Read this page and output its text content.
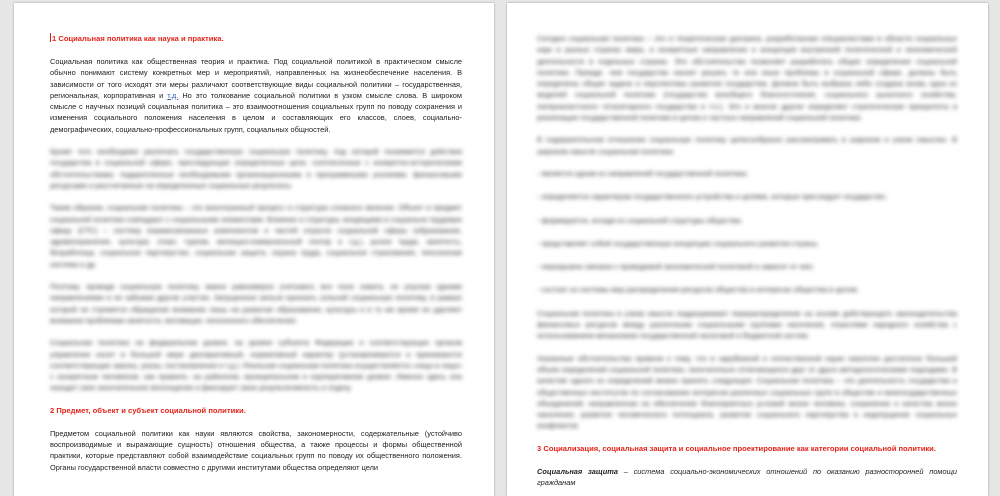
1 Социальная политика как наука и практика.

Социальная политика как общественная теория и практика. Под социальной политикой в практическом смысле обычно понимают систему конкретных мер и мероприятий, направленных на жизнеобеспечение населения. В зависимости от того исходят эти меры различают соответствующие виды социальной политики – государственная, региональная, корпоративная и т.д. Но это толкование социальной политики в узком смысле слова. В широком смысле с научных позиций социальная политика – это взаимоотношения социальных групп по поводу сохранения и изменения социального положения населения в целом и составляющих его классов, слоев, социально-демографических, социально-профессиональных групп, социальных общностей.

Кроме того необходимо различать государственную социальную политику, под которой понимается действия государства в социальной сфере, преследующие определенные цели, соотнесенные с конкретно-историческими обстоятельствами, подкрепленные необходимыми организационными и программными усилиями, финансовыми ресурсами и рассчитанные на определенные социальные результаты.

Таким образом, социальная политика – это многогранный процесс и структура сложного явления. Объект и предмет социальной политики совпадают с социальными элементами. Влияние и структура, входящими в социально-трудовую сферу (СТС) – систему взаимосвязанных компонентов и частей отрасли социальной сферы (образование, здравоохранение, культура, спорт, туризм, жилищно-коммунальный сектор и т.д.), рынок труда, занятость, безработица, социальное партнерство, социальная защита, охрана труда, социальное страхование, пенсионная система и др.

Поэтому, проводя социальную политику, важно равномерно учитывать все поле охвата, не упуская одними направлениями и не забывая другие участки. Запущенное нельзя признать сильной социальную политику, в рамках которой не стремятся обращение внимание лишь на развитие образования, культуры и в то же время не уделяют внимания проблемам занятости, мотивации, пенсионного обеспечения.

Социальная политика на федеральном уровне, на уровне субъекта Федерации и соответствующих органов управления носит в большей мере декларативный, нормативный характер (устанавливаются и принимаются соответствующие законы, указы, постановления и т.д.). Реальная социальная политика осуществляется «лицо в лицо» с конкретным человеком, как правило, на районном, муниципальном и корпоративном уровне. Именно здесь она находит свое окончательное воплощение и фиксирует свою результативность и отдачу.

2 Предмет, объект и субъект социальной политики.

Предметом социальной политики как науки являются свойства, закономерности, содержательные (устойчиво воспроизводимые и выражающие сущность) отношения общества, а также процессы и формы общественной практики, которые представляют собой взаимодействие социальных групп по поводу их общественного положения. Органы государственной власти совместно с другими институтами общества определяют цели

Сегодня социальная политика – это и теоретическая доктрина, разработанная специалистами в области социальных наук в разных странах мира, и конкретные направления и концепция внутренней политической и экономической деятельности в отдельных странах. Это обстоятельство позволяет разработать общее определение социальной политики. Прежде, чем государство начнет решать те или иные проблемы в социальной сфере, должны быть определены общие задачи и перспективы развития государства. Должна быть выбрана либо создана вновь одна из моделей социальной политики (государство всеобщего благосостояния, социального рыночного хозяйства, патерналистского тоталитарного государства и т.п.). Это и многое другое определяет стратегические приоритеты в реализации государственной политики в целом и частных направлений социальной политики.

В содержательном отношении социальную политику целесообразно рассматривать в широком и узком смыслах. В широком смысле социальная политика:

- является одним из направлений государственной политики;

- определяется характером государственного устройства и целями, которые преследует государство;

- формируется, исходя из социальной структуры общества;

- представляет собой государственную концепцию социального развития страны;

- неразрывно связана с проводимой экономической политикой и зависит от нее;

- состоит из системы мер распределения ресурсов общества в интересах общества в целом.

Социальная политика в узком смысле подразумевает перераспределение на основе действующего законодательства финансовых ресурсов между различными социальными группами населения, отраслями народного хозяйства с использованием механизмов государственной налоговой и бюджетной систем.

Указанные обстоятельства привели к тому, что в зарубежной и отечественной науке накоплен достаточно большой объем определений социальной политики, окончательно отличающихся друг от друга методологическими подходами. В качестве одного из определений можно принять следующее: Социальная политика – это деятельность государства и общественных институтов по согласованию интересов различных социальных групп в обществе и межгосударственных объединений, направленная на обеспечение благоприятных условий жизни человека, сохранение и качества жизни населения, развитие человеческого потенциала, развитие социального партнерства и недопущение социальных конфликтов.

3 Социализация, социальная защита и социальное проектирование как категории социальной политики.

Социальная защита – система социально-экономических отношений по оказанию разносторонней помощи гражданам
